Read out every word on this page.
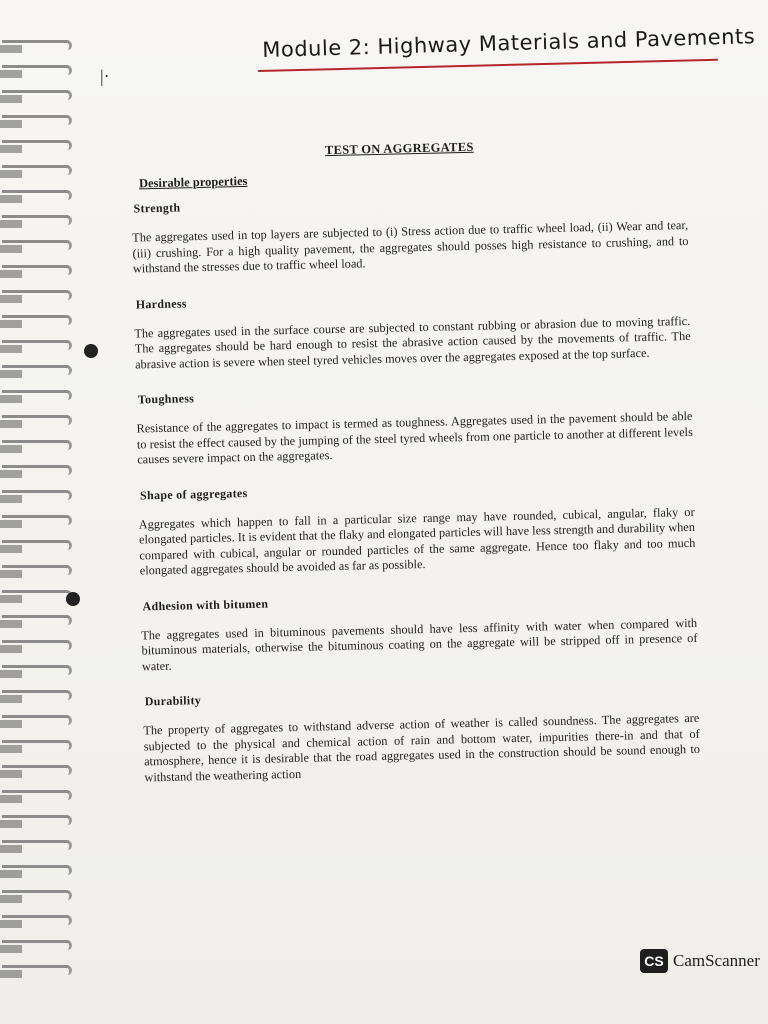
|·
Module 2: Highway Materials and Pavements
TEST ON AGGREGATES
Desirable properties
Strength
The aggregates used in top layers are subjected to (i) Stress action due to traffic wheel load, (ii) Wear and tear, (iii) crushing. For a high quality pavement, the aggregates should posses high resistance to crushing, and to withstand the stresses due to traffic wheel load.
Hardness
The aggregates used in the surface course are subjected to constant rubbing or abrasion due to moving traffic. The aggregates should be hard enough to resist the abrasive action caused by the movements of traffic. The abrasive action is severe when steel tyred vehicles moves over the aggregates exposed at the top surface.
Toughness
Resistance of the aggregates to impact is termed as toughness. Aggregates used in the pavement should be able to resist the effect caused by the jumping of the steel tyred wheels from one particle to another at different levels causes severe impact on the aggregates.
Shape of aggregates
Aggregates which happen to fall in a particular size range may have rounded, cubical, angular, flaky or elongated particles. It is evident that the flaky and elongated particles will have less strength and durability when compared with cubical, angular or rounded particles of the same aggregate. Hence too flaky and too much elongated aggregates should be avoided as far as possible.
Adhesion with bitumen
The aggregates used in bituminous pavements should have less affinity with water when compared with bituminous materials, otherwise the bituminous coating on the aggregate will be stripped off in presence of water.
Durability
The property of aggregates to withstand adverse action of weather is called soundness. The aggregates are subjected to the physical and chemical action of rain and bottom water, impurities there-in and that of atmosphere, hence it is desirable that the road aggregates used in the construction should be sound enough to withstand the weathering action
CS CamScanner
